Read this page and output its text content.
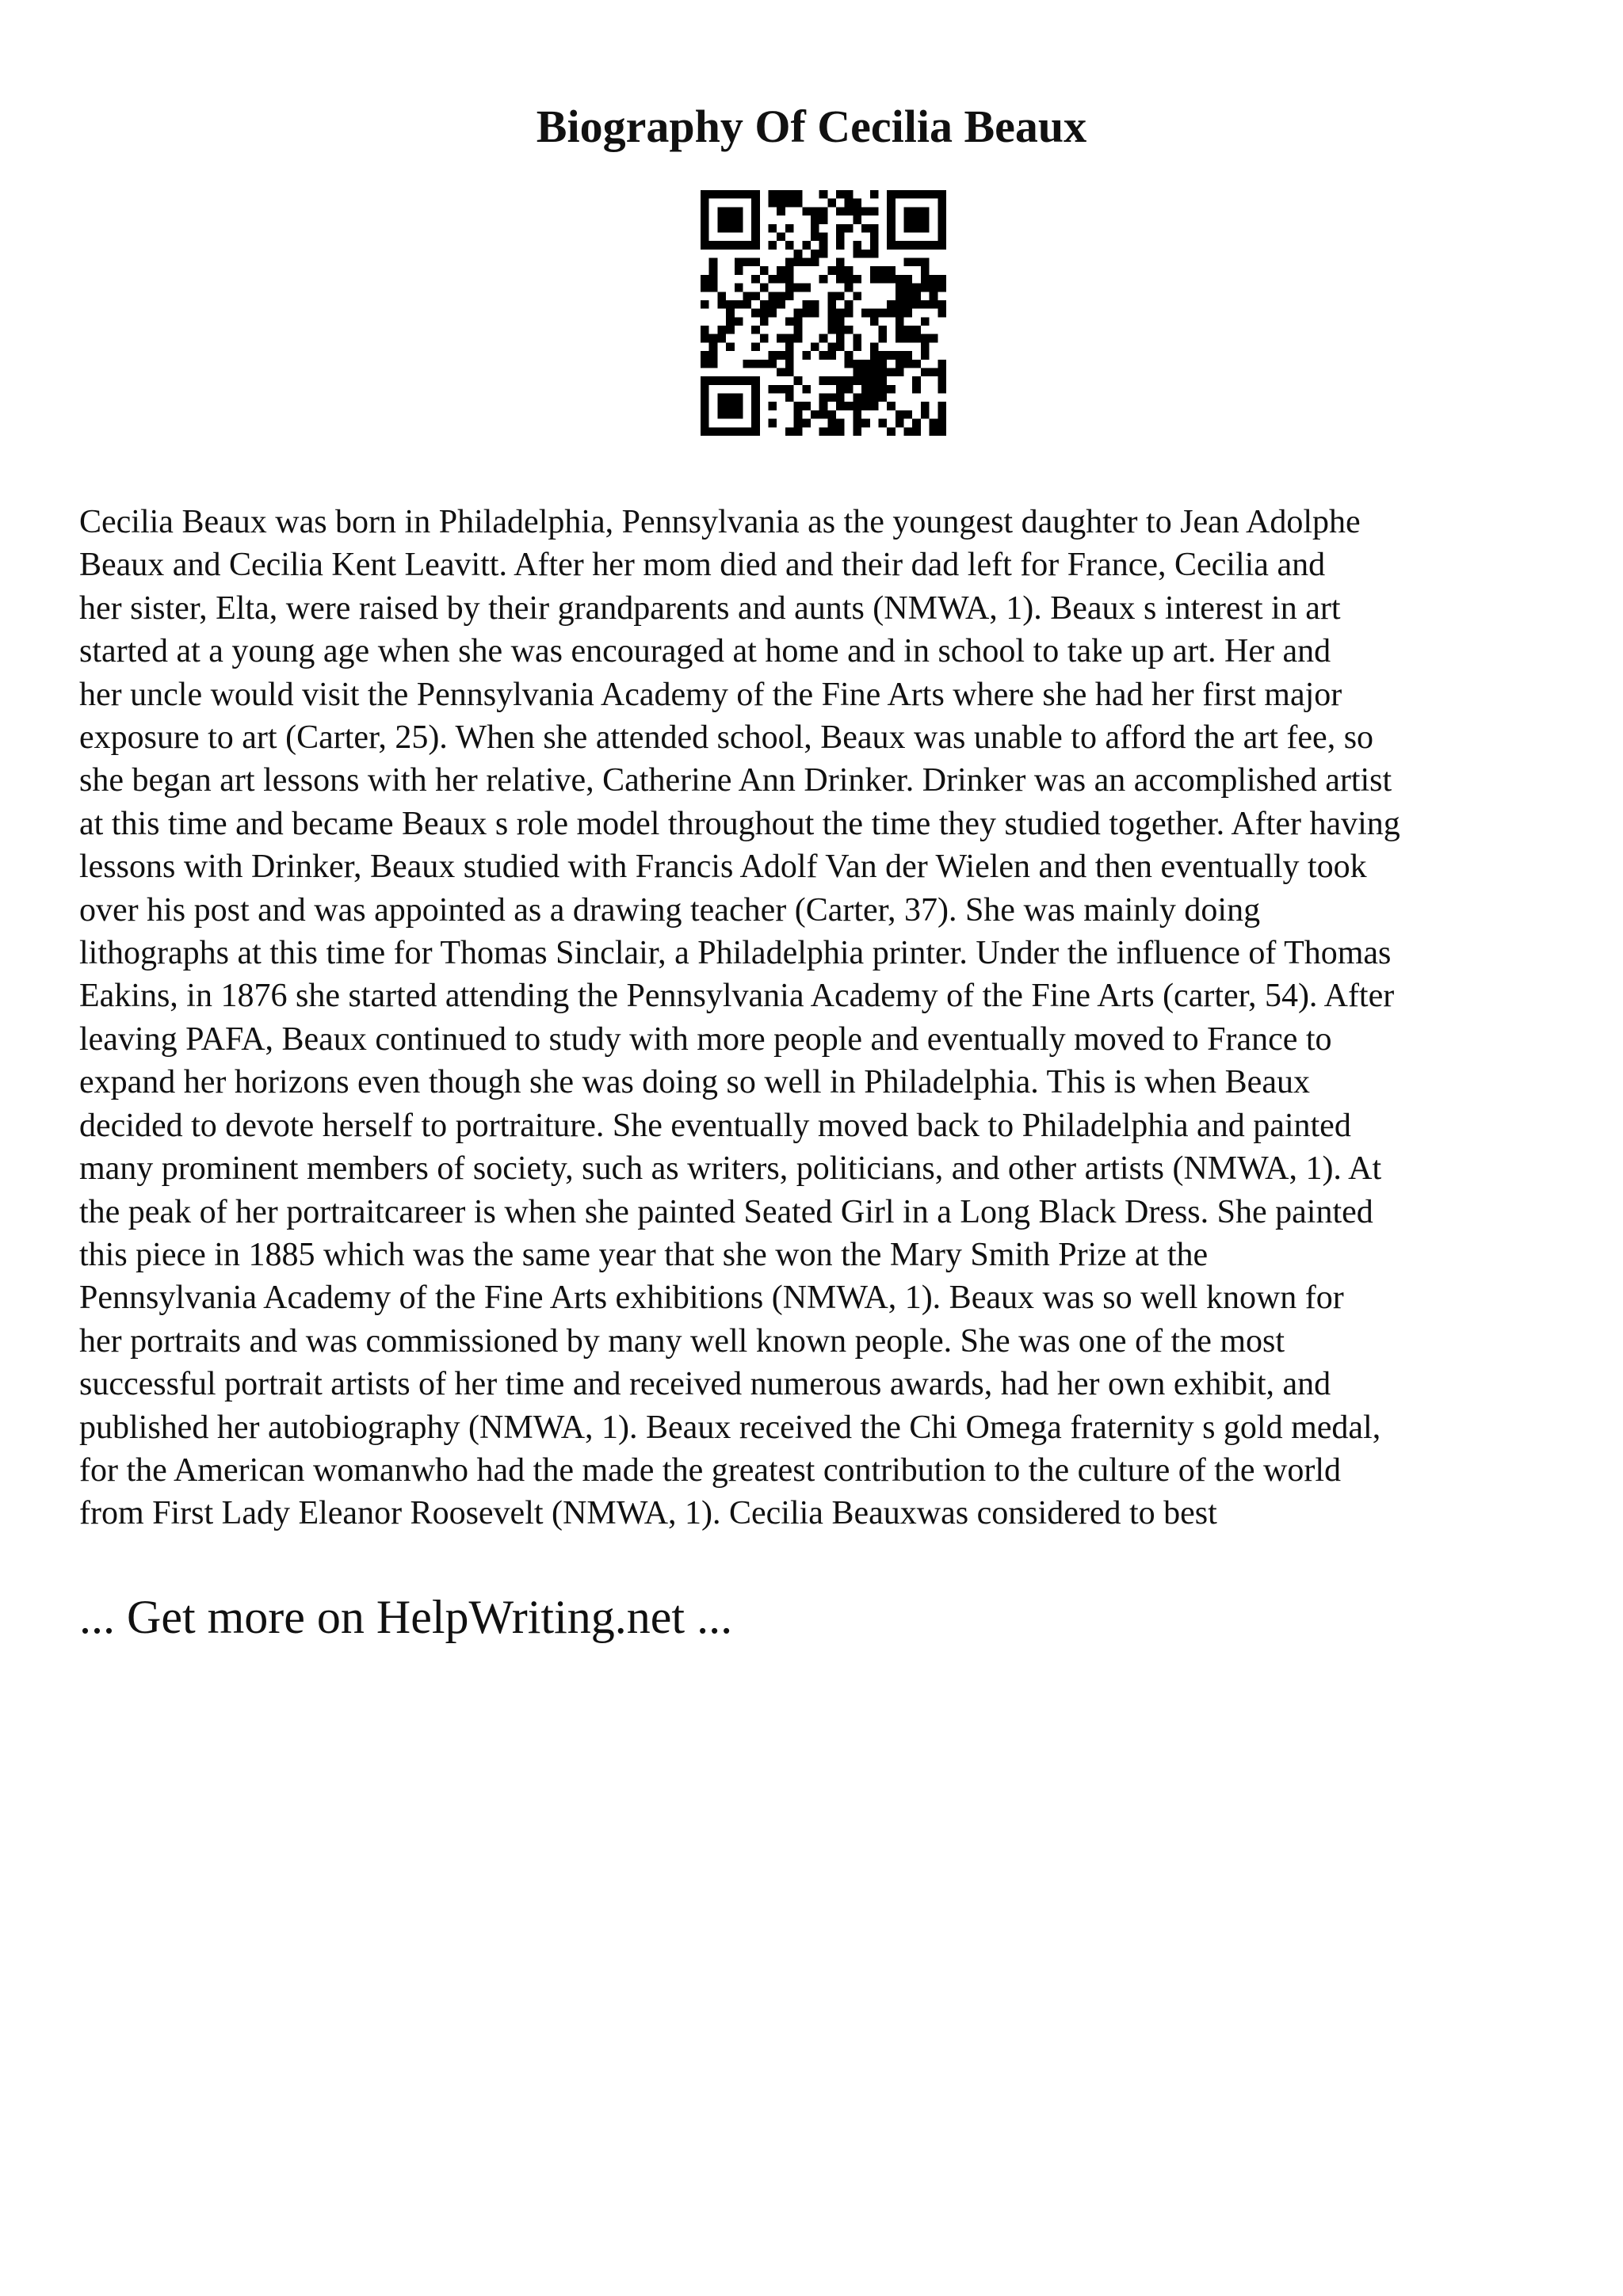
Biography Of Cecilia Beaux

Cecilia Beaux was born in Philadelphia, Pennsylvania as the youngest daughter to Jean Adolphe
Beaux and Cecilia Kent Leavitt. After her mom died and their dad left for France, Cecilia and
her sister, Elta, were raised by their grandparents and aunts (NMWA, 1). Beaux s interest in art
started at a young age when she was encouraged at home and in school to take up art. Her and
her uncle would visit the Pennsylvania Academy of the Fine Arts where she had her first major
exposure to art (Carter, 25). When she attended school, Beaux was unable to afford the art fee, so
she began art lessons with her relative, Catherine Ann Drinker. Drinker was an accomplished artist
at this time and became Beaux s role model throughout the time they studied together. After having
lessons with Drinker, Beaux studied with Francis Adolf Van der Wielen and then eventually took
over his post and was appointed as a drawing teacher (Carter, 37). She was mainly doing
lithographs at this time for Thomas Sinclair, a Philadelphia printer. Under the influence of Thomas
Eakins, in 1876 she started attending the Pennsylvania Academy of the Fine Arts (carter, 54). After
leaving PAFA, Beaux continued to study with more people and eventually moved to France to
expand her horizons even though she was doing so well in Philadelphia. This is when Beaux
decided to devote herself to portraiture. She eventually moved back to Philadelphia and painted
many prominent members of society, such as writers, politicians, and other artists (NMWA, 1). At
the peak of her portraitcareer is when she painted Seated Girl in a Long Black Dress. She painted
this piece in 1885 which was the same year that she won the Mary Smith Prize at the
Pennsylvania Academy of the Fine Arts exhibitions (NMWA, 1). Beaux was so well known for
her portraits and was commissioned by many well known people. She was one of the most
successful portrait artists of her time and received numerous awards, had her own exhibit, and
published her autobiography (NMWA, 1). Beaux received the Chi Omega fraternity s gold medal,
for the American womanwho had the made the greatest contribution to the culture of the world
from First Lady Eleanor Roosevelt (NMWA, 1). Cecilia Beauxwas considered to best

... Get more on HelpWriting.net ...
